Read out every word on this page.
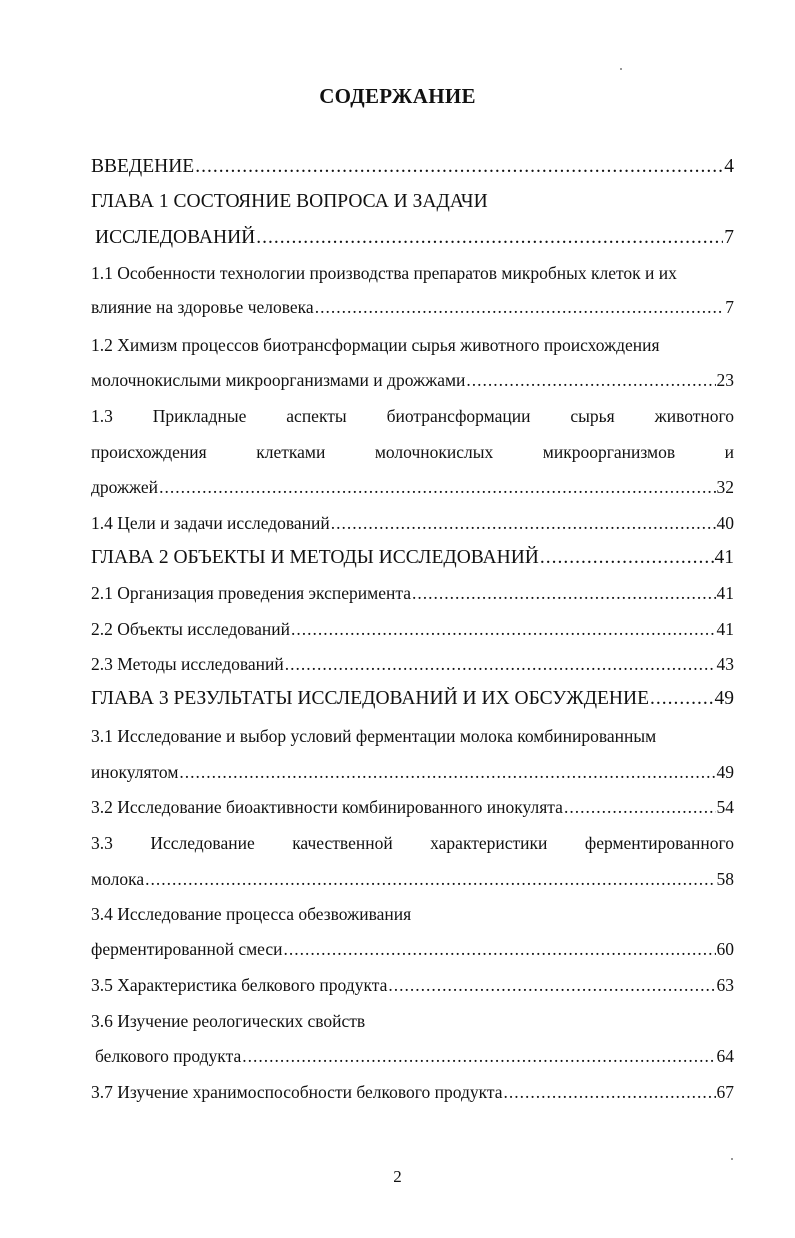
СОДЕРЖАНИЕ
ВВЕДЕНИЕ .....	4
ГЛАВА 1 СОСТОЯНИЕ ВОПРОСА И ЗАДАЧИ
ИССЛЕДОВАНИЙ .....	7
1.1 Особенности технологии производства препаратов микробных клеток и их
влияние на здоровье человека .....	7
1.2 Химизм процессов биотрансформации сырья животного происхождения
молочнокислыми микроорганизмами и дрожжами .....	23
1.3 Прикладные аспекты биотрансформации сырья животного
происхождения	клетками	молочнокислых	микроорганизмов	и
дрожжей .....	32
1.4 Цели и задачи исследований .....	40
ГЛАВА 2 ОБЪЕКТЫ И МЕТОДЫ ИССЛЕДОВАНИЙ .....	41
2.1 Организация проведения эксперимента .....	41
2.2 Объекты исследований .....	41
2.3 Методы исследований .....	43
ГЛАВА 3 РЕЗУЛЬТАТЫ ИССЛЕДОВАНИЙ И ИХ ОБСУЖДЕНИЕ .....	49
3.1 Исследование и выбор условий ферментации молока комбинированным
инокулятом .....	49
3.2 Исследование биоактивности комбинированного инокулята .....	54
3.3 Исследование качественной характеристики ферментированного
молока .....	58
3.4 Исследование процесса обезвоживания
ферментированной смеси .....	60
3.5 Характеристика белкового продукта .....	63
3.6 Изучение реологических свойств
белкового продукта .....	64
3.7 Изучение хранимоспособности белкового продукта .....	67
2
